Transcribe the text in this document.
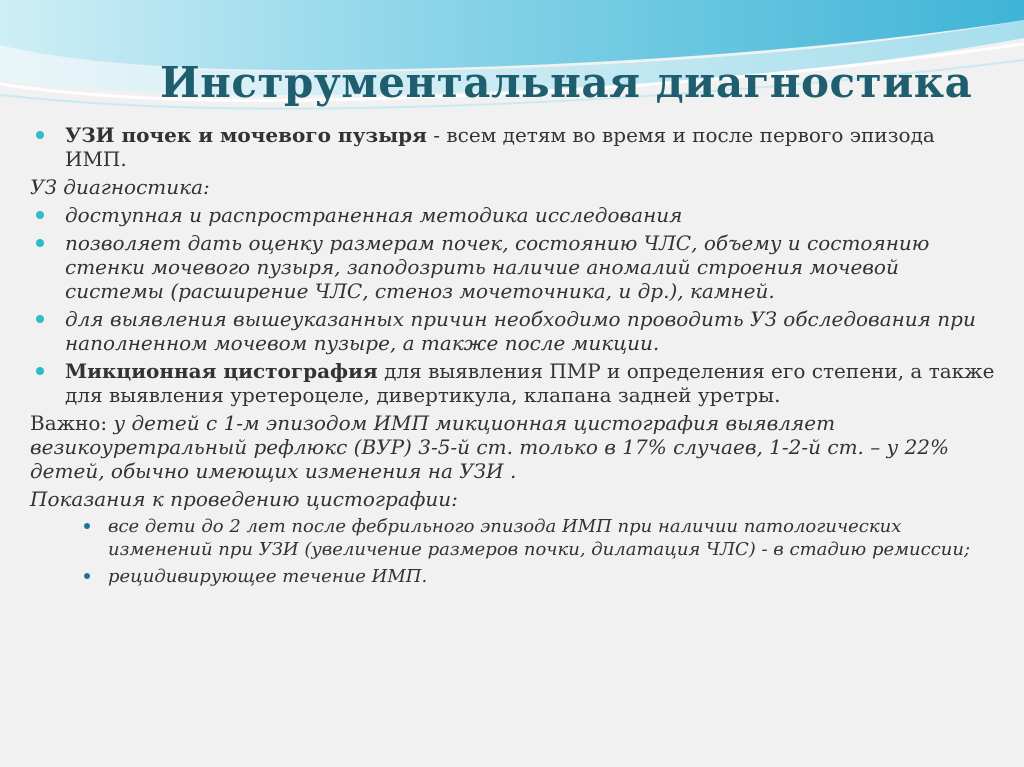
Инструментальная диагностика
УЗИ почек и мочевого пузыря - всем детям во время и после первого эпизода ИМП.
УЗ диагностика:
доступная и распространенная методика исследования
позволяет дать оценку размерам почек, состоянию ЧЛС, объему и состоянию стенки мочевого пузыря, заподозрить наличие аномалий строения мочевой системы (расширение ЧЛС, стеноз мочеточника, и др.), камней.
для выявления вышеуказанных причин необходимо проводить УЗ обследования при наполненном мочевом пузыре, а также после микции.
Микционная цистография для выявления ПМР и определения его степени, а также для выявления уретероцеле, дивертикула, клапана задней уретры.
Важно: у детей с 1-м эпизодом ИМП микционная цистография выявляет везикоуретральный рефлюкс (ВУР) 3-5-й ст. только в 17% случаев, 1-2-й ст. – у 22% детей, обычно имеющих изменения на УЗИ .
Показания к проведению цистографии:
все дети до 2 лет после фебрильного эпизода ИМП при наличии патологических изменений при УЗИ (увеличение размеров почки, дилатация ЧЛС) - в стадию ремиссии;
рецидивирующее течение ИМП.
